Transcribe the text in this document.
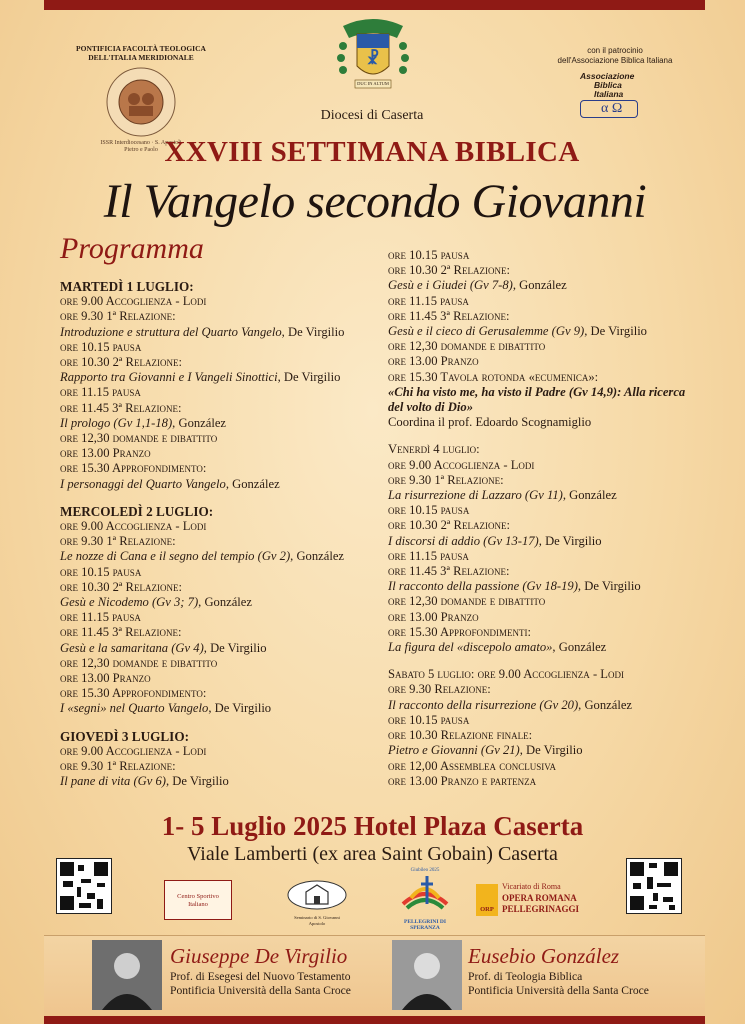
PONTIFICIA FACOLTÀ TEOLOGICA
DELL'ITALIA MERIDIONALE
ISSR Interdiocesano · S. Apostoli Pietro e Paolo
☧
DUC IN ALTUM
Diocesi di Caserta
con il patrocinio
dell'Associazione Biblica Italiana
Associazione
Biblica
Italiana
α Ω
XXVIII SETTIMANA BIBLICA
Il Vangelo secondo Giovanni
Programma
MARTEDÌ 1 LUGLIO:
ore 9.00 Accoglienza - Lodi
ore 9.30 1ª Relazione:
Introduzione e struttura del Quarto Vangelo, De Virgilio
ore 10.15 pausa
ore 10.30 2ª Relazione:
Rapporto tra Giovanni e I Vangeli Sinottici, De Virgilio
ore 11.15 pausa
ore 11.45 3ª Relazione:
Il prologo (Gv 1,1-18), González
ore 12,30 domande e dibattito
ore 13.00 Pranzo
ore 15.30 Approfondimento:
I personaggi del Quarto Vangelo, González
MERCOLEDÌ 2 LUGLIO:
ore 9.00 Accoglienza - Lodi
ore 9.30 1ª Relazione:
Le nozze di Cana e il segno del tempio (Gv 2), González
ore 10.15 pausa
ore 10.30 2ª Relazione:
Gesù e Nicodemo (Gv 3; 7), González
ore 11.15 pausa
ore 11.45 3ª Relazione:
Gesù e la samaritana (Gv 4), De Virgilio
ore 12,30 domande e dibattito
ore 13.00 Pranzo
ore 15.30 Approfondimento:
I «segni» nel Quarto Vangelo, De Virgilio
GIOVEDÌ 3 LUGLIO:
ore 9.00 Accoglienza - Lodi
ore 9.30 1ª Relazione:
Il pane di vita (Gv 6), De Virgilio
ore 10.15 pausa
ore 10.30 2ª Relazione:
Gesù e i Giudei (Gv 7-8), González
ore 11.15 pausa
ore 11.45 3ª Relazione:
Gesù e il cieco di Gerusalemme (Gv 9), De Virgilio
ore 12,30 domande e dibattito
ore 13.00 Pranzo
ore 15.30 Tavola rotonda «ecumenica»:
«Chi ha visto me, ha visto il Padre (Gv 14,9): Alla ricerca
del volto di Dio»
Coordina il prof. Edoardo Scognamiglio
Venerdì 4 luglio:
ore 9.00 Accoglienza - Lodi
ore 9.30 1ª Relazione:
La risurrezione di Lazzaro (Gv 11), González
ore 10.15 pausa
ore 10.30 2ª Relazione:
I discorsi di addio (Gv 13-17), De Virgilio
ore 11.15 pausa
ore 11.45 3ª Relazione:
Il racconto della passione (Gv 18-19), De Virgilio
ore 12,30 domande e dibattito
ore 13.00 Pranzo
ore 15.30 Approfondimenti:
La figura del «discepolo amato», González
Sabato 5 luglio: ore 9.00 Accoglienza - Lodi
ore 9.30 Relazione:
Il racconto della risurrezione (Gv 20), González
ore 10.15 pausa
ore 10.30 Relazione finale:
Pietro e Giovanni (Gv 21), De Virgilio
ore 12,00 Assemblea conclusiva
ore 13.00 Pranzo e partenza
1- 5 Luglio 2025 Hotel Plaza Caserta
Viale Lamberti (ex area Saint Gobain) Caserta
Centro Sportivo Italiano
Seminario di S. Giovanni Apostolo
Giubileo 2025
PELLEGRINI DI SPERANZA
ORP
Vicariato di Roma
OPERA ROMANA
PELLEGRINAGGI
Giuseppe De Virgilio
Prof. di Esegesi del Nuovo Testamento
Pontificia Università della Santa Croce
Eusebio González
Prof. di Teologia Biblica
Pontificia Università della Santa Croce
